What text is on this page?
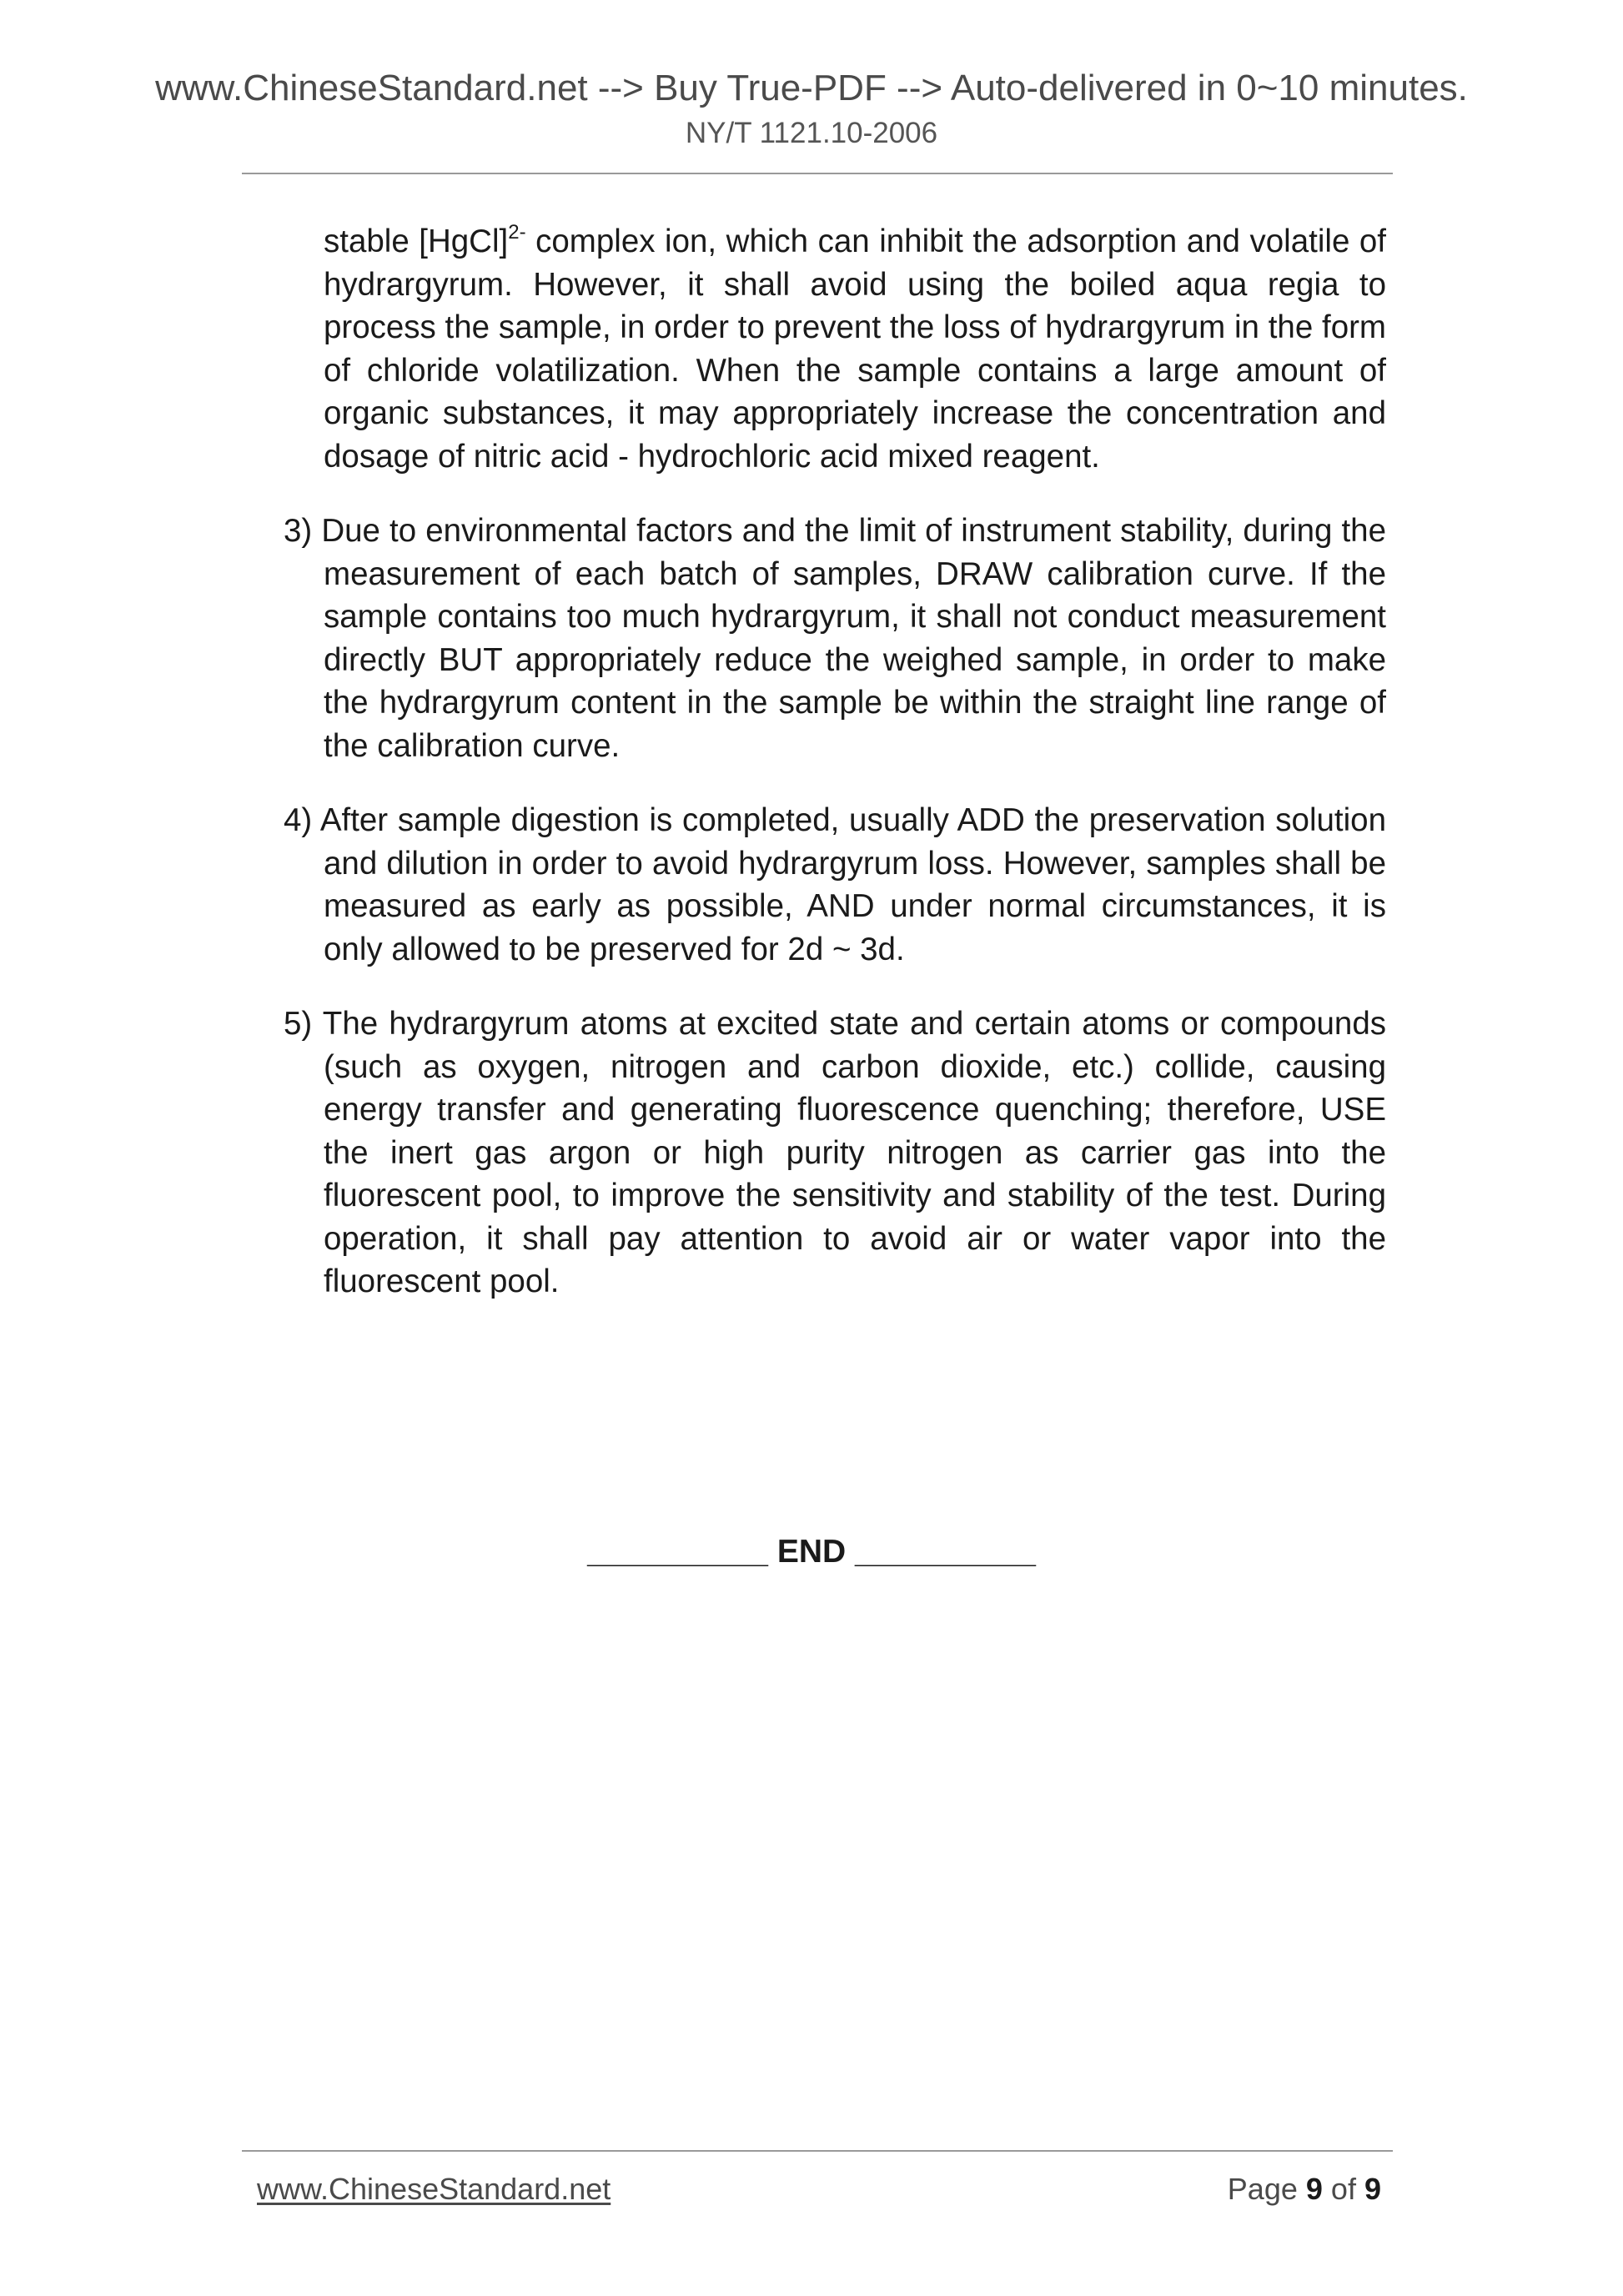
www.ChineseStandard.net --> Buy True-PDF --> Auto-delivered in 0~10 minutes.
NY/T 1121.10-2006

stable [HgCl]$^{2-}$ complex ion, which can inhibit the adsorption and volatile of hydrargyrum. However, it shall avoid using the boiled aqua regia to process the sample, in order to prevent the loss of hydrargyrum in the form of chloride volatilization. When the sample contains a large amount of organic substances, it may appropriately increase the concentration and dosage of nitric acid - hydrochloric acid mixed reagent.

3) Due to environmental factors and the limit of instrument stability, during the measurement of each batch of samples, DRAW calibration curve. If the sample contains too much hydrargyrum, it shall not conduct measurement directly BUT appropriately reduce the weighed sample, in order to make the hydrargyrum content in the sample be within the straight line range of the calibration curve.

4) After sample digestion is completed, usually ADD the preservation solution and dilution in order to avoid hydrargyrum loss. However, samples shall be measured as early as possible, AND under normal circumstances, it is only allowed to be preserved for 2d ~ 3d.

5) The hydrargyrum atoms at excited state and certain atoms or compounds (such as oxygen, nitrogen and carbon dioxide, etc.) collide, causing energy transfer and generating fluorescence quenching; therefore, USE the inert gas argon or high purity nitrogen as carrier gas into the fluorescent pool, to improve the sensitivity and stability of the test. During operation, it shall pay attention to avoid air or water vapor into the fluorescent pool.

__________ END __________
www.ChineseStandard.net	Page 9 of 9
